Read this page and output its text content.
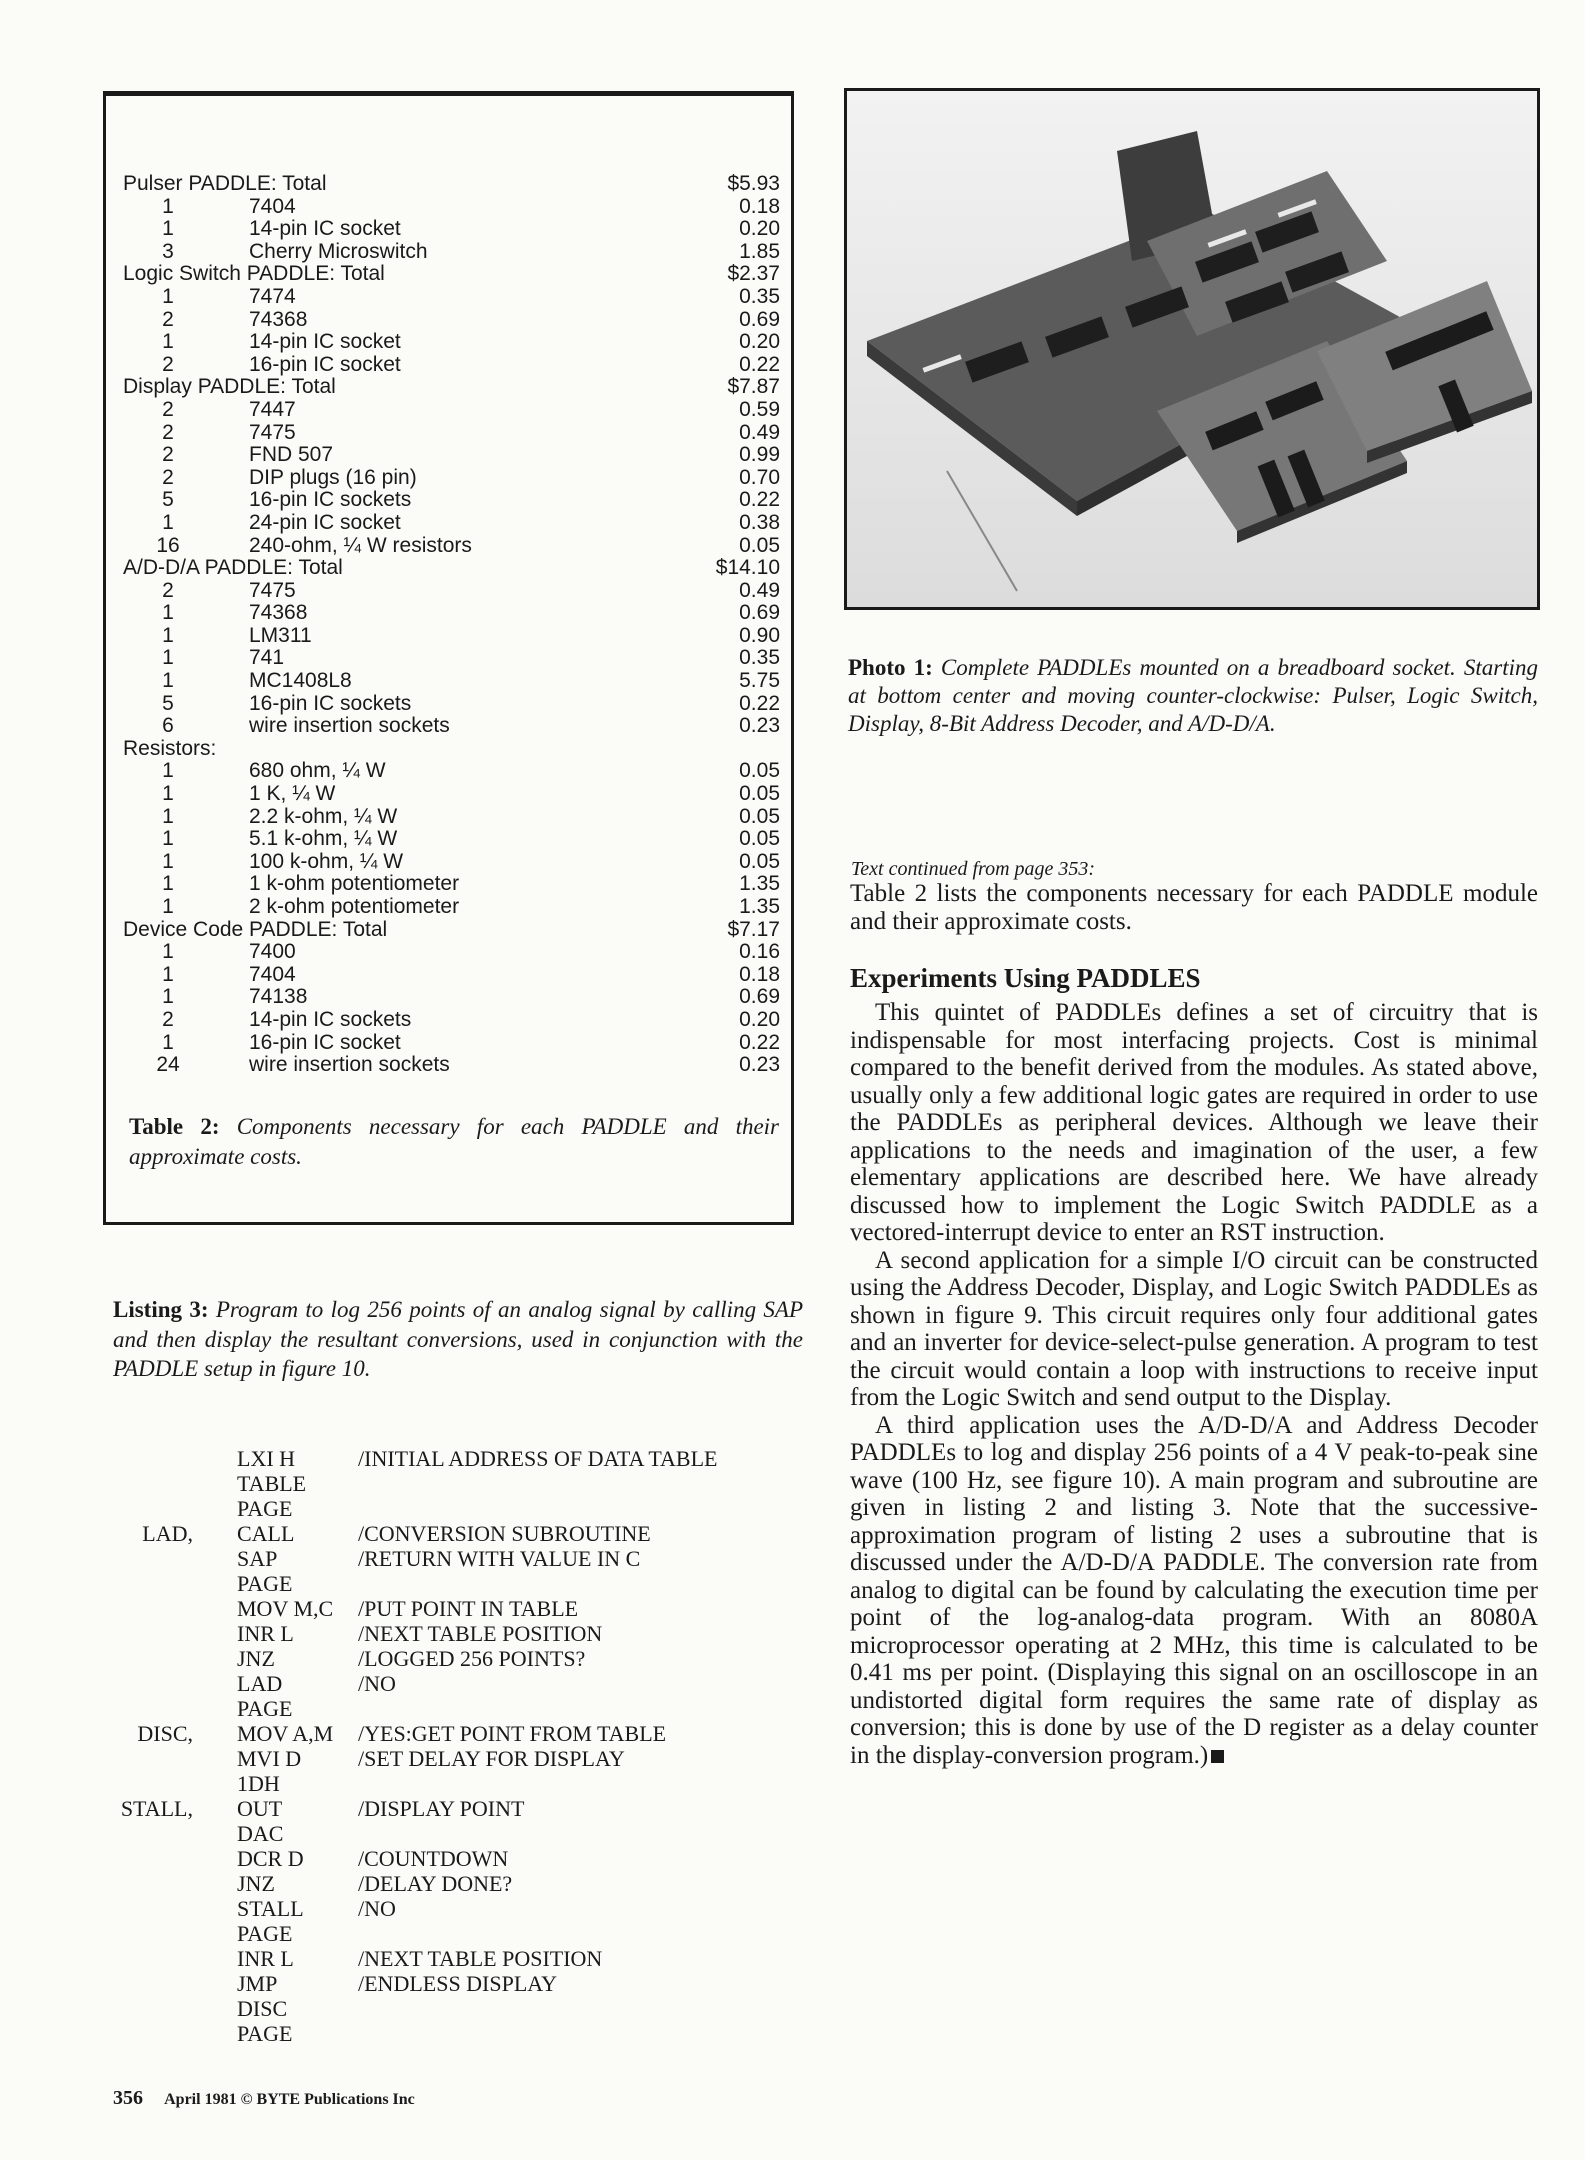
Pulser PADDLE: Total	$5.93
1	7404	0.18
1	14-pin IC socket	0.20
3	Cherry Microswitch	1.85
Logic Switch PADDLE: Total	$2.37
1	7474	0.35
2	74368	0.69
1	14-pin IC socket	0.20
2	16-pin IC socket	0.22
Display PADDLE: Total	$7.87
2	7447	0.59
2	7475	0.49
2	FND 507	0.99
2	DIP plugs (16 pin)	0.70
5	16-pin IC sockets	0.22
1	24-pin IC socket	0.38
16	240-ohm, ¼ W resistors	0.05
A/D-D/A PADDLE: Total	$14.10
2	7475	0.49
1	74368	0.69
1	LM311	0.90
1	741	0.35
1	MC1408L8	5.75
5	16-pin IC sockets	0.22
6	wire insertion sockets	0.23
Resistors:
1	680 ohm, ¼ W	0.05
1	1 K, ¼ W	0.05
1	2.2 k-ohm, ¼ W	0.05
1	5.1 k-ohm, ¼ W	0.05
1	100 k-ohm, ¼ W	0.05
1	1 k-ohm potentiometer	1.35
1	2 k-ohm potentiometer	1.35
Device Code PADDLE: Total	$7.17
1	7400	0.16
1	7404	0.18
1	74138	0.69
2	14-pin IC sockets	0.20
1	16-pin IC socket	0.22
24	wire insertion sockets	0.23
Table 2: Components necessary for each PADDLE and their approximate costs.
Listing 3: Program to log 256 points of an analog signal by calling SAP and then display the resultant conversions, used in conjunction with the PADDLE setup in figure 10.
LXI H	/INITIAL ADDRESS OF DATA TABLE
TABLE
PAGE
LAD, CALL	/CONVERSION SUBROUTINE
SAP	/RETURN WITH VALUE IN C
PAGE
MOV M,C /PUT POINT IN TABLE
INR L	/NEXT TABLE POSITION
JNZ	/LOGGED 256 POINTS?
LAD	/NO
PAGE
DISC, MOV A,M /YES:GET POINT FROM TABLE
MVI D	/SET DELAY FOR DISPLAY
1DH
STALL, OUT	/DISPLAY POINT
DAC
DCR D /COUNTDOWN
JNZ	/DELAY DONE?
STALL /NO
PAGE
INR L	/NEXT TABLE POSITION
JMP	/ENDLESS DISPLAY
DISC
PAGE
Photo 1: Complete PADDLEs mounted on a breadboard socket. Starting at bottom center and moving counter-clockwise: Pulser, Logic Switch, Display, 8-Bit Address Decoder, and A/D-D/A.
Text continued from page 353:

Table 2 lists the components necessary for each PADDLE module and their approximate costs.

Experiments Using PADDLES

This quintet of PADDLEs defines a set of circuitry that is indispensable for most interfacing projects. Cost is minimal compared to the benefit derived from the modules. As stated above, usually only a few additional logic gates are required in order to use the PADDLEs as peripheral devices. Although we leave their applications to the needs and imagination of the user, a few elementary applications are described here. We have already discussed how to implement the Logic Switch PADDLE as a vectored-interrupt device to enter an RST instruction.

A second application for a simple I/O circuit can be constructed using the Address Decoder, Display, and Logic Switch PADDLEs as shown in figure 9. This circuit requires only four additional gates and an inverter for device-select-pulse generation. A program to test the circuit would contain a loop with instructions to receive input from the Logic Switch and send output to the Display.

A third application uses the A/D-D/A and Address Decoder PADDLEs to log and display 256 points of a 4 V peak-to-peak sine wave (100 Hz, see figure 10). A main program and subroutine are given in listing 2 and listing 3. Note that the successive-approximation program of listing 2 uses a subroutine that is discussed under the A/D-D/A PADDLE. The conversion rate from analog to digital can be found by calculating the execution time per point of the log-analog-data program. With an 8080A microprocessor operating at 2 MHz, this time is calculated to be 0.41 ms per point. (Displaying this signal on an oscilloscope in an undistorted digital form requires the same rate of display as conversion; this is done by use of the D register as a delay counter in the display-conversion program.)

356 April 1981 © BYTE Publications Inc
